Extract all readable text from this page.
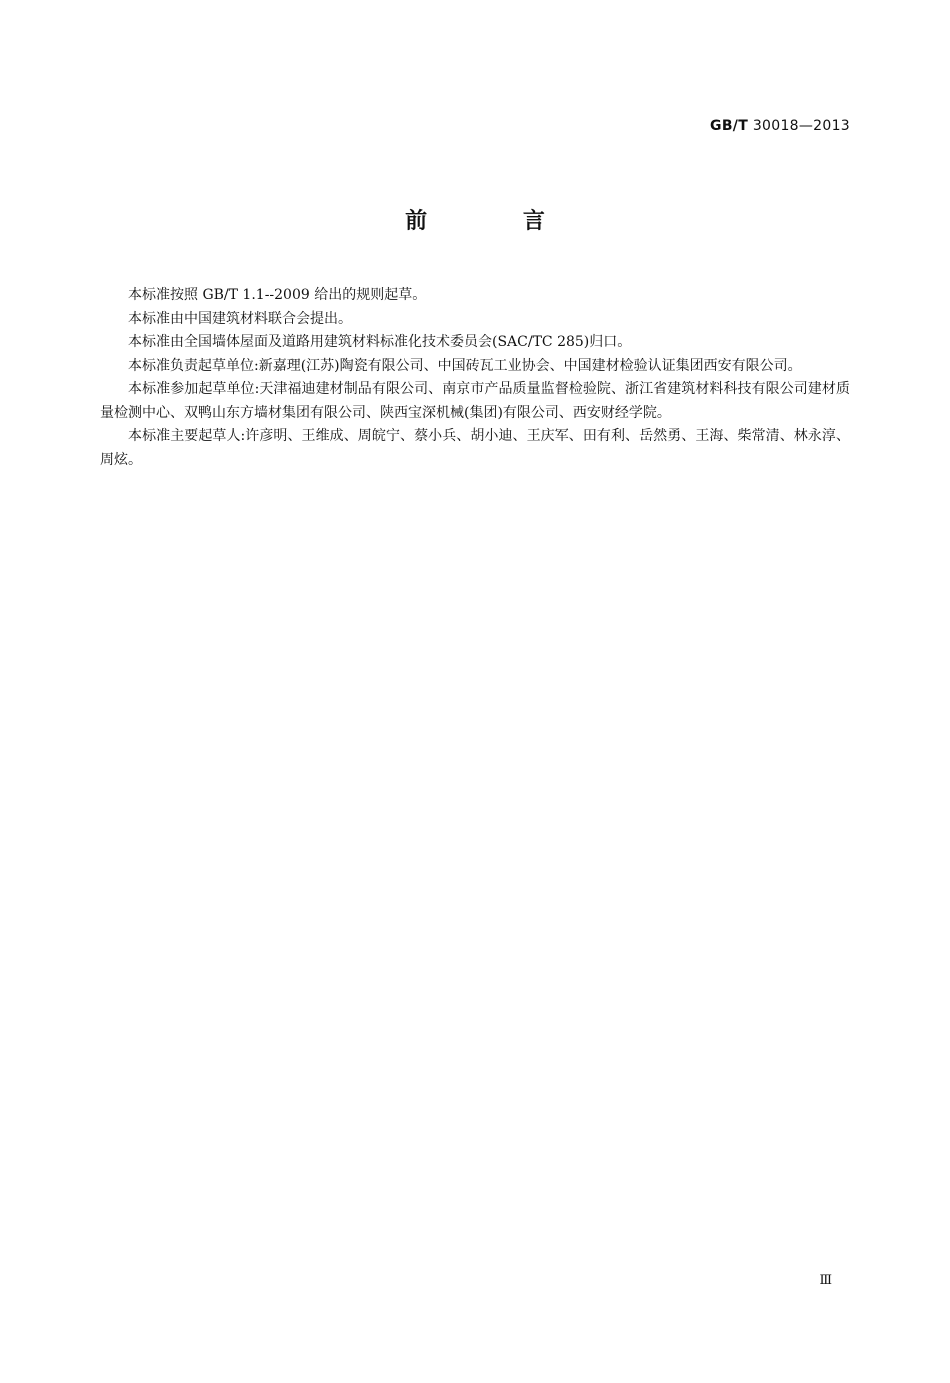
GB/T 30018—2013
前 言

本标准按照 GB/T 1.1--2009 给出的规则起草。

本标准由中国建筑材料联合会提出。

本标准由全国墙体屋面及道路用建筑材料标准化技术委员会(SAC/TC 285)归口。

本标准负责起草单位:新嘉理(江苏)陶瓷有限公司、中国砖瓦工业协会、中国建材检验认证集团西安有限公司。

本标准参加起草单位:天津福迪建材制品有限公司、南京市产品质量监督检验院、浙江省建筑材料科技有限公司建材质量检测中心、双鸭山东方墙材集团有限公司、陕西宝深机械(集团)有限公司、西安财经学院。

本标准主要起草人:许彦明、王维成、周皖宁、蔡小兵、胡小迪、王庆军、田有利、岳然勇、王海、柴常清、林永淳、周炫。

Ⅲ
